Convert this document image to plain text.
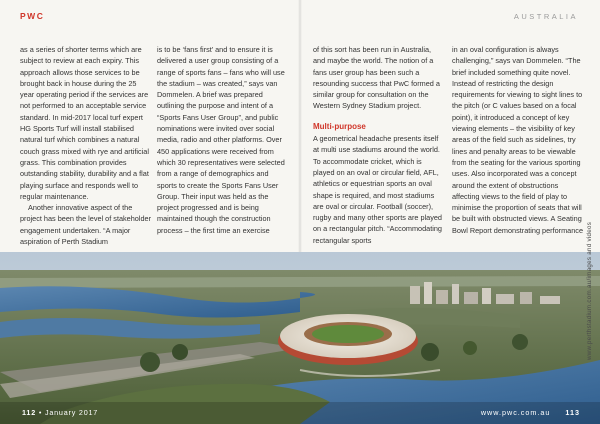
PWC	AUSTRALIA

as a series of shorter terms which are subject to review at each expiry. This approach allows those services to be brought back in house during the 25 year operating period if the services are not performed to an acceptable service standard. In mid-2017 local turf expert HG Sports Turf will install stabilised natural turf which combines a natural couch grass mixed with rye and artificial grass. This combination provides outstanding stability, durability and a flat playing surface and responds well to regular maintenance.

Another innovative aspect of the project has been the level of stakeholder engagement undertaken. “A major aspiration of Perth Stadium

is to be ‘fans first’ and to ensure it is delivered a user group consisting of a range of sports fans – fans who will use the stadium – was created,” says van Dommelen. A brief was prepared outlining the purpose and intent of a “Sports Fans User Group”, and public nominations were invited over social media, radio and other platforms. Over 450 applications were received from which 30 representatives were selected from a range of demographics and sports to create the Sports Fans User Group. Their input was held as the project progressed and is being maintained though the construction process – the first time an exercise

of this sort has been run in Australia, and maybe the world. The notion of a fans user group has been such a resounding success that PwC formed a similar group for consultation on the Western Sydney Stadium project.

Multi-purpose

A geometrical headache presents itself at multi use stadiums around the world. To accommodate cricket, which is played on an oval or circular field, AFL, athletics or equestrian sports an oval shape is required, and most stadiums are oval or circular. Football (soccer), rugby and many other sports are played on a rectangular pitch. “Accommodating rectangular sports

in an oval configuration is always challenging,” says van Dommelen. “The brief included something quite novel. Instead of restricting the design requirements for viewing to sight lines to the pitch (or C values based on a focal point), it introduced a concept of key viewing elements – the visibility of key areas of the field such as sidelines, try lines and penalty areas to be viewable from the seating for the various sporting uses. Also incorporated was a concept around the extent of obstructions affecting views to the field of play to minimise the proportion of seats that will be built with obstructed views. A Seating Bowl Report demonstrating performance www.perthstadium.com.au/images and videos
112 • January 2017	www.pwc.com.au 113
